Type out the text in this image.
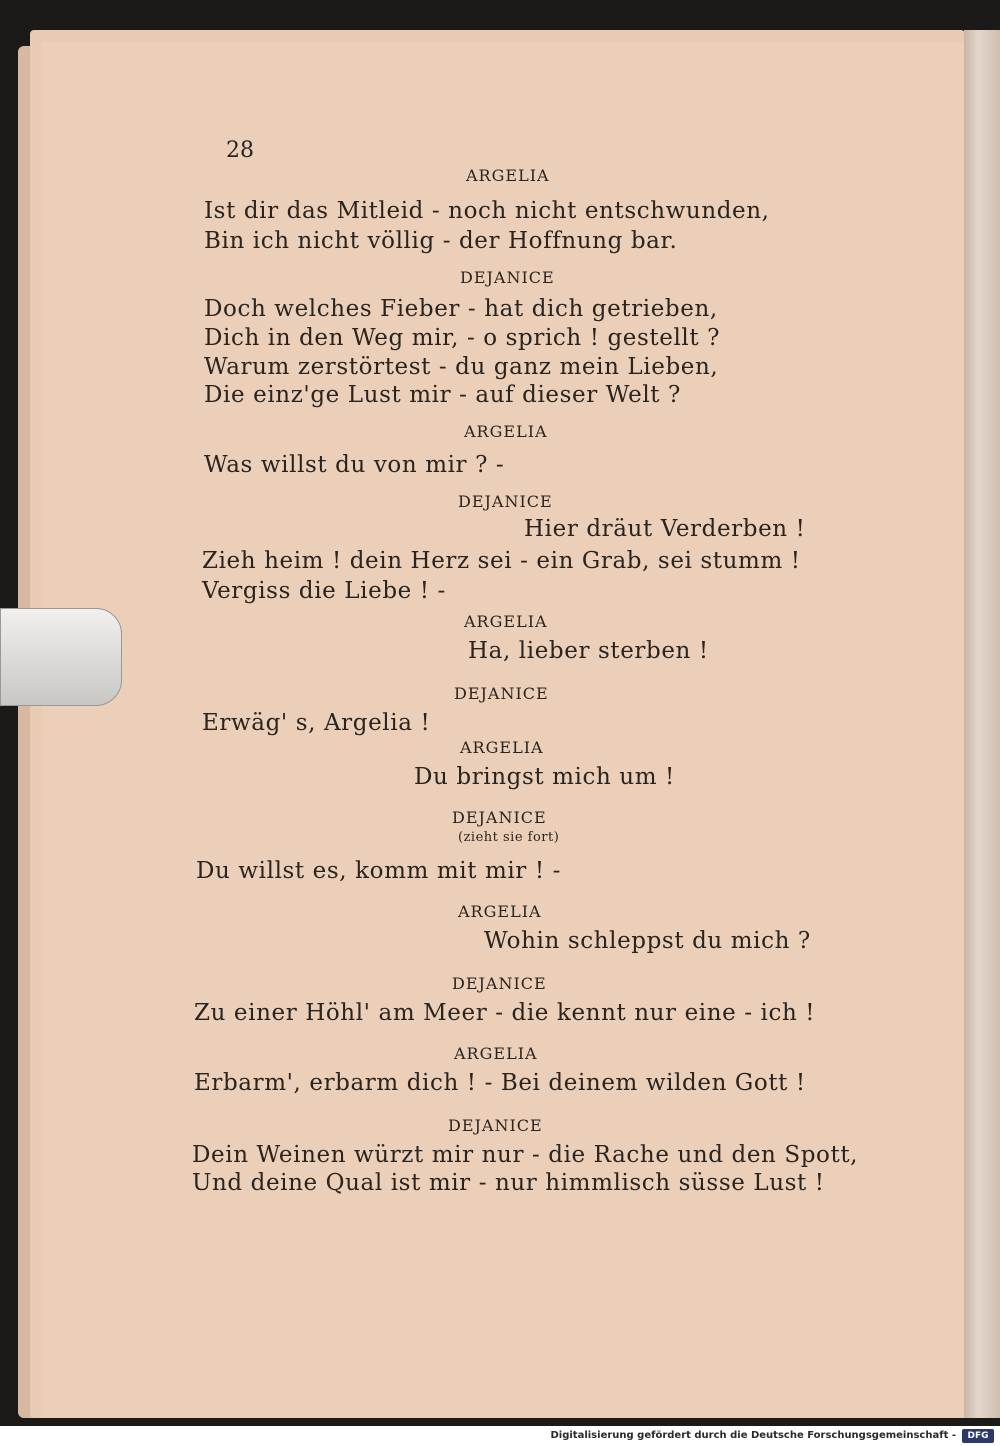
28
ARGELIA
Ist dir das Mitleid - noch nicht entschwunden,
Bin ich nicht völlig - der Hoffnung bar.
DEJANICE
Doch welches Fieber - hat dich getrieben,
Dich in den Weg mir, - o sprich ! gestellt ?
Warum zerstörtest - du ganz mein Lieben,
Die einz'ge Lust mir - auf dieser Welt ?
ARGELIA
Was willst du von mir ? -
DEJANICE
Hier dräut Verderben !
Zieh heim ! dein Herz sei - ein Grab, sei stumm !
Vergiss die Liebe ! -
ARGELIA
Ha, lieber sterben !
DEJANICE
Erwäg' s, Argelia !
ARGELIA
Du bringst mich um !
DEJANICE
(zieht sie fort)
Du willst es, komm mit mir ! -
ARGELIA
Wohin schleppst du mich ?
DEJANICE
Zu einer Höhl' am Meer - die kennt nur eine - ich !
ARGELIA
Erbarm', erbarm dich ! - Bei deinem wilden Gott !
DEJANICE
Dein Weinen würzt mir nur - die Rache und den Spott,
Und deine Qual ist mir - nur himmlisch süsse Lust !
Digitalisierung gefördert durch die Deutsche Forschungsgemeinschaft -	DFG
